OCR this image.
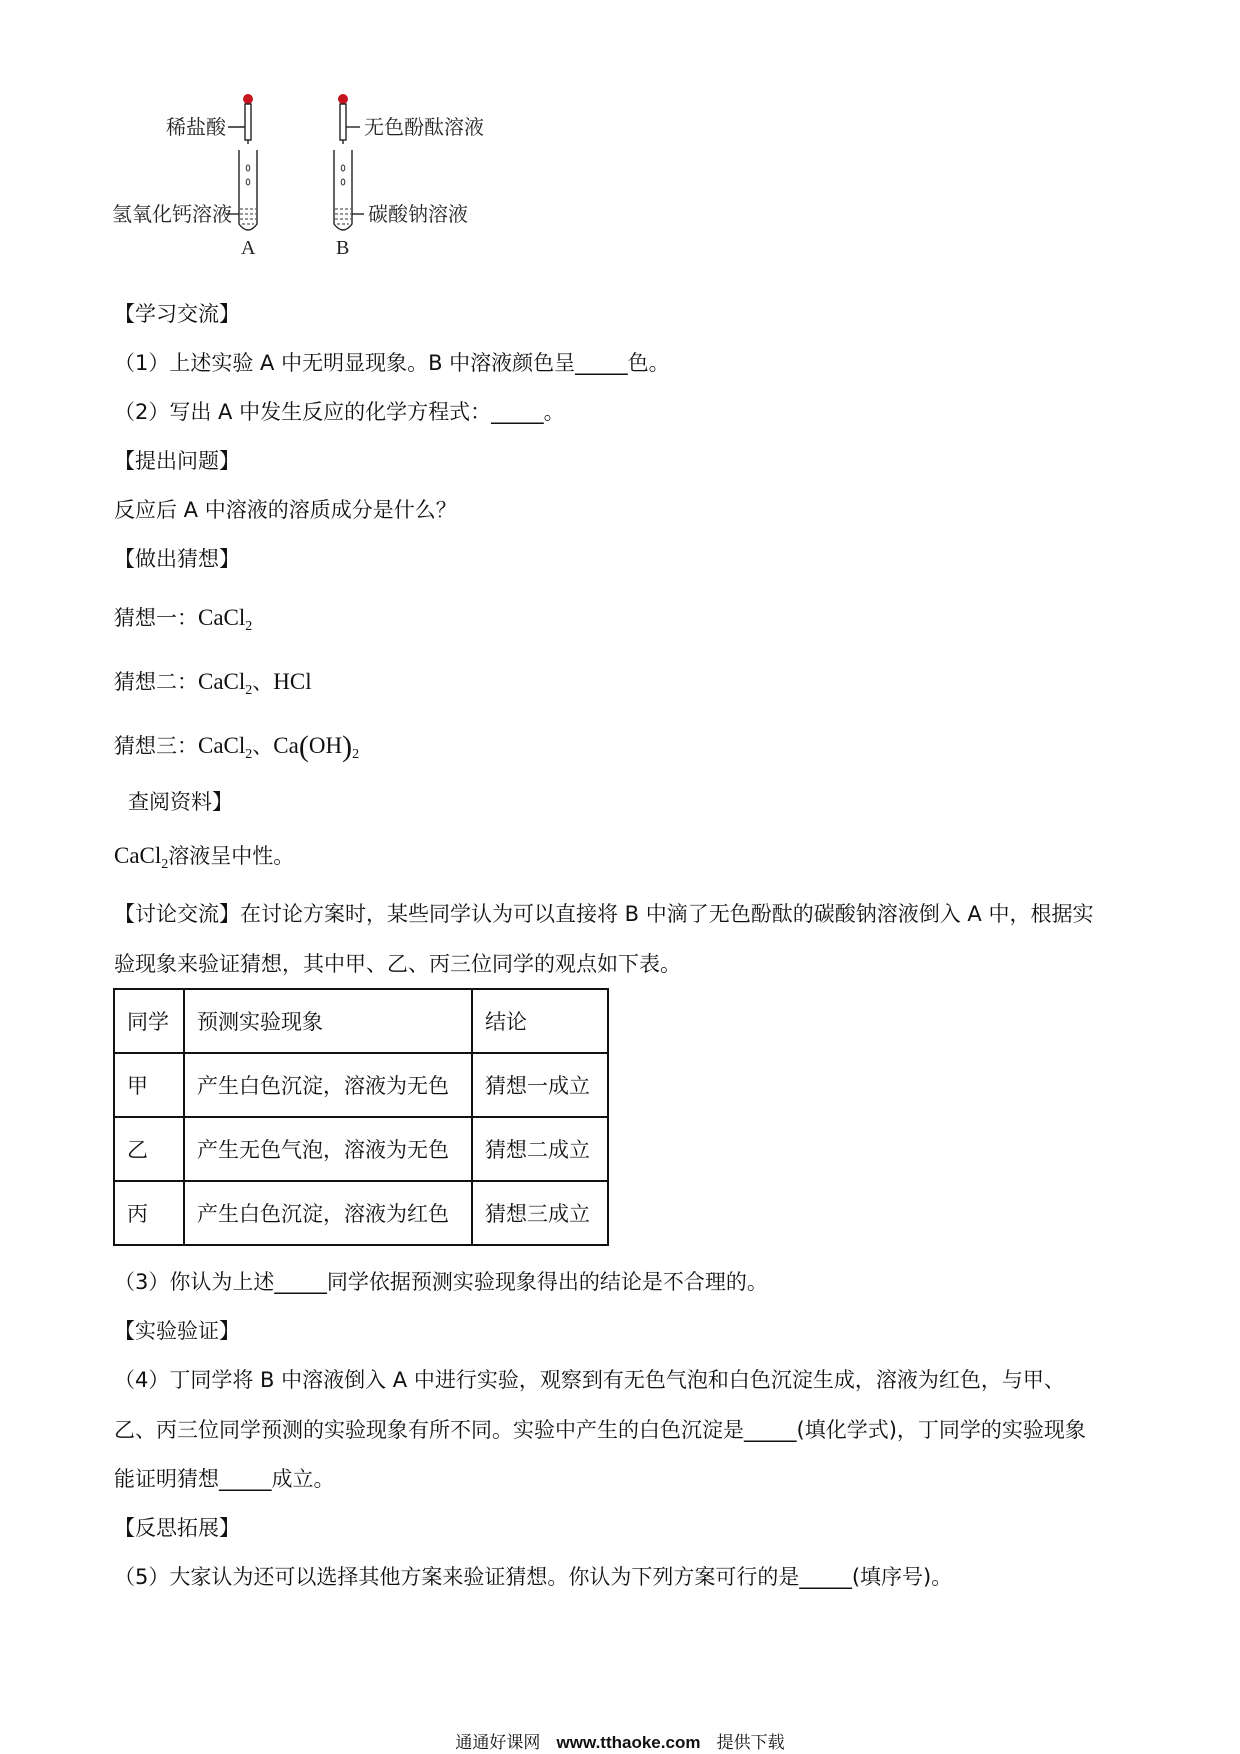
稀盐酸
氢氧化钙溶液
A
无色酚酞溶液
碳酸钠溶液
B
【学习交流】
（1）上述实验 A 中无明显现象。B 中溶液颜色呈_____色。
（2）写出 A 中发生反应的化学方程式：_____。
【提出问题】
反应后 A 中溶液的溶质成分是什么？
【做出猜想】
猜想一：CaCl$_2$
猜想二：CaCl$_2$、HCl
猜想三：CaCl$_2$、$Ca(OH)_2$
查阅资料】
CaCl$_2$溶液呈中性。
【讨论交流】在讨论方案时，某些同学认为可以直接将 B 中滴了无色酚酞的碳酸钠溶液倒入 A 中，根据实
验现象来验证猜想，其中甲、乙、丙三位同学的观点如下表。
同学	预测实验现象	结论
甲	产生白色沉淀，溶液为无色	猜想一成立
乙	产生无色气泡，溶液为无色	猜想二成立
丙	产生白色沉淀，溶液为红色	猜想三成立
（3）你认为上述_____同学依据预测实验现象得出的结论是不合理的。
【实验验证】
（4）丁同学将 B 中溶液倒入 A 中进行实验，观察到有无色气泡和白色沉淀生成，溶液为红色，与甲、
乙、丙三位同学预测的实验现象有所不同。实验中产生的白色沉淀是_____(填化学式)，丁同学的实验现象
能证明猜想_____成立。
【反思拓展】
（5）大家认为还可以选择其他方案来验证猜想。你认为下列方案可行的是_____(填序号)。
通通好课网 www.tthaoke.com 提供下载
